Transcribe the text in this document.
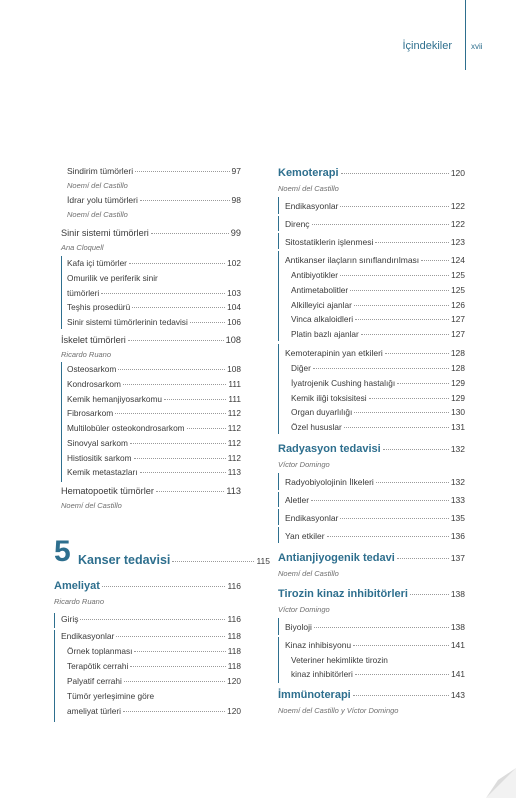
İçindekiler xvii
Sindirim tümörleri	97
Noemí del Castillo
İdrar yolu tümörleri	98
Noemí del Castillo
Sinir sistemi tümörleri	99
Ana Cloquell
Kafa içi tümörler	102
Omurilik ve periferik sinir
tümörleri	103
Teşhis prosedürü	104
Sinir sistemi tümörlerinin tedavisi	106
İskelet tümörleri	108
Ricardo Ruano
Osteosarkom	108
Kondrosarkom	111
Kemik hemanjiyosarkomu	111
Fibrosarkom	112
Multilobüler osteokondrosarkom	112
Sinovyal sarkom	112
Histiositik sarkom	112
Kemik metastazları	113
Hematopoetik tümörler	113
Noemí del Castillo
5 Kanser tedavisi	115
Ameliyat	116
Ricardo Ruano
Giriş	116
Endikasyonlar	118
Örnek toplanması	118
Terapötik cerrahi	118
Palyatif cerrahi	120
Tümör yerleşimine göre
ameliyat türleri	120
Kemoterapi	120
Noemí del Castillo
Endikasyonlar	122
Direnç	122
Sitostatiklerin işlenmesi	123
Antikanser ilaçların sınıflandırılması	124
Antibiyotikler	125
Antimetabolitler	125
Alkilleyici ajanlar	126
Vinca alkaloidleri	127
Platin bazlı ajanlar	127
Kemoterapinin yan etkileri	128
Diğer	128
İyatrojenik Cushing hastalığı	129
Kemik iliği toksisitesi	129
Organ duyarlılığı	130
Özel hususlar	131
Radyasyon tedavisi	132
Víctor Domingo
Radyobiyolojinin İlkeleri	132
Aletler	133
Endikasyonlar	135
Yan etkiler	136
Antianjiyogenik tedavi	137
Noemí del Castillo
Tirozin kinaz inhibitörleri	138
Víctor Domingo
Biyoloji	138
Kinaz inhibisyonu	141
Veteriner hekimlikte tirozin
kinaz inhibitörleri	141
İmmünoterapi	143
Noemí del Castillo y Víctor Domingo
